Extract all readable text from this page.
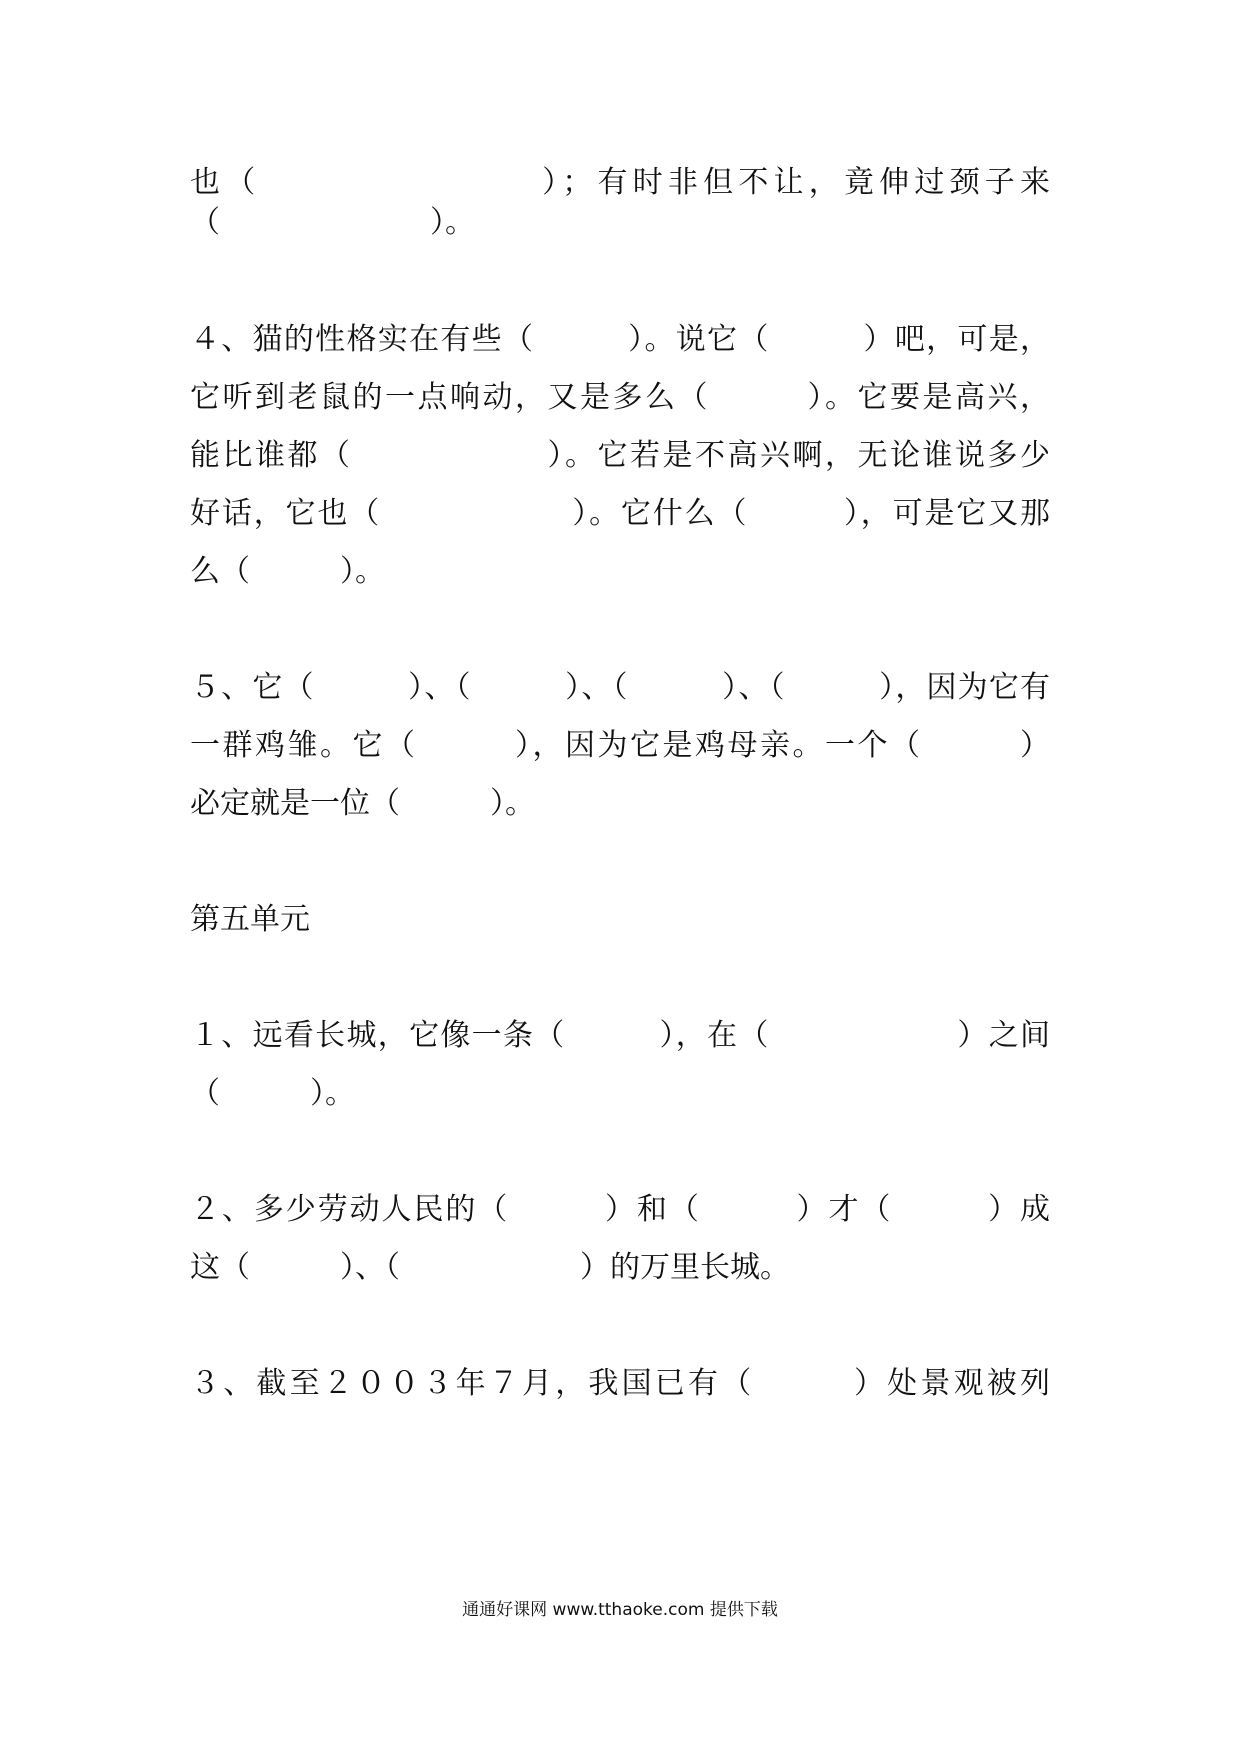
也（　　　　　　　　）；有时非但不让，竟伸过颈子来
（　　　　　　　）。
４、猫的性格实在有些（　　　）。说它（　　　）吧，可是，
它听到老鼠的一点响动，又是多么（　　　）。它要是高兴，
能比谁都（　　　　　　）。它若是不高兴啊，无论谁说多少
好话，它也（　　　　　　）。它什么（　　　），可是它又那
么（　　　）。
５、它（　　　）、（　　　）、（　　　）、（　　　），因为它有
一群鸡雏。它（　　　），因为它是鸡母亲。一个（　　　）
必定就是一位（　　　）。
第五单元
１、远看长城，它像一条（　　　），在（　　　　　　）之间
（　　　）。
２、多少劳动人民的（　　　）和（　　　）才（　　　）成
这（　　　）、（　　　　　　）的万里长城。
３、截至２００３年７月，我国已有（　　　）处景观被列
通通好课网 www.tthaoke.com 提供下载
